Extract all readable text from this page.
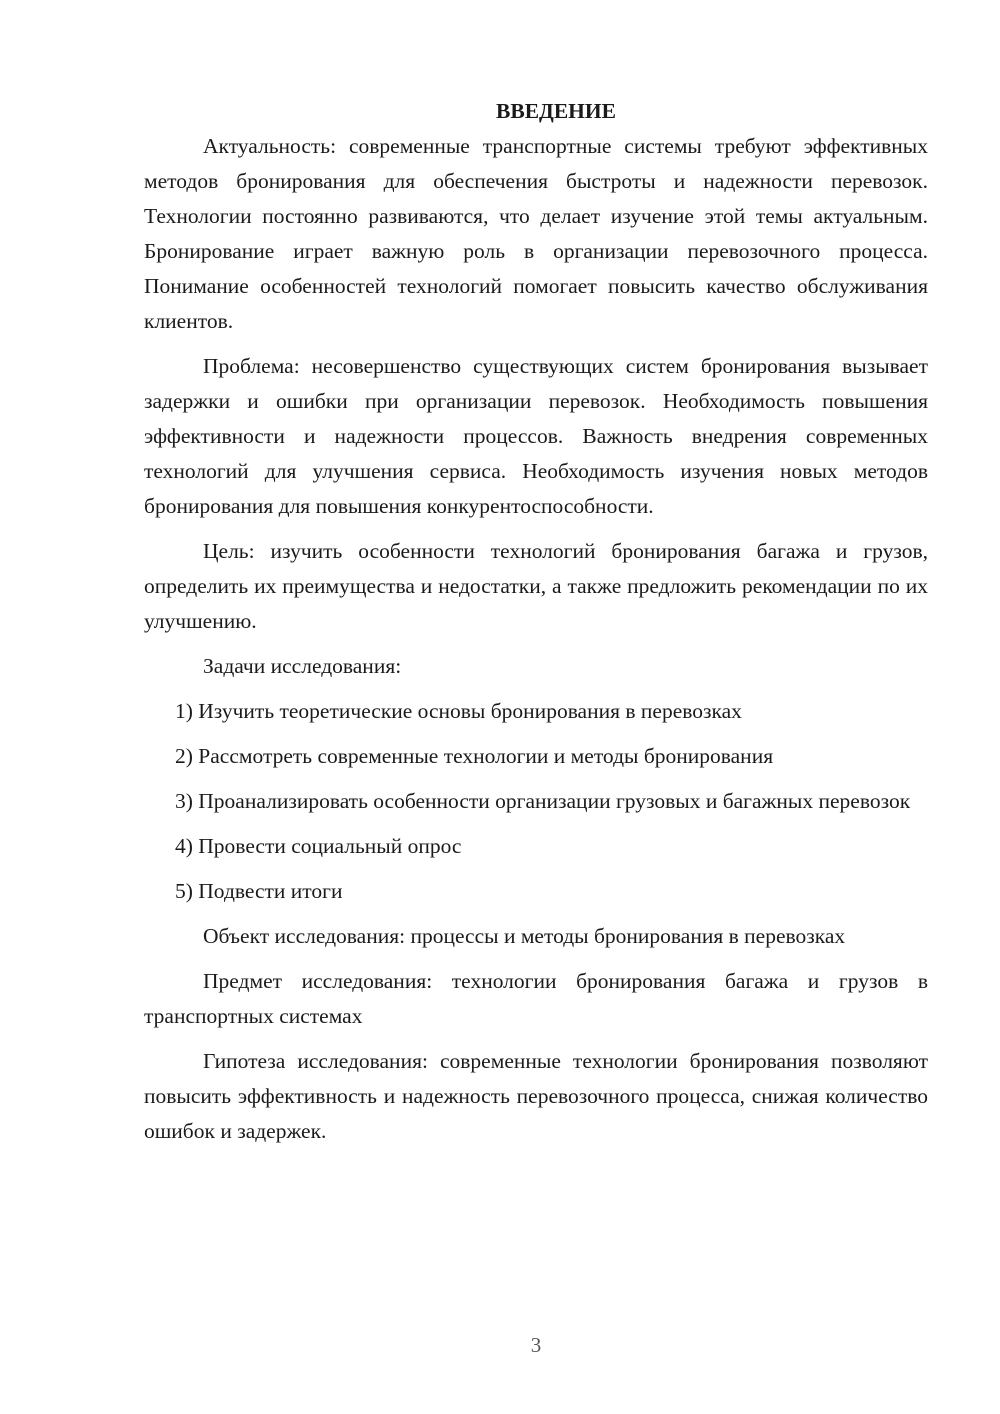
ВВЕДЕНИЕ

Актуальность: современные транспортные системы требуют эффективных методов бронирования для обеспечения быстроты и надежности перевозок. Технологии постоянно развиваются, что делает изучение этой темы актуальным. Бронирование играет важную роль в организации перевозочного процесса. Понимание особенностей технологий помогает повысить качество обслуживания клиентов.

Проблема: несовершенство существующих систем бронирования вызывает задержки и ошибки при организации перевозок. Необходимость повышения эффективности и надежности процессов. Важность внедрения современных технологий для улучшения сервиса. Необходимость изучения новых методов бронирования для повышения конкурентоспособности.

Цель: изучить особенности технологий бронирования багажа и грузов, определить их преимущества и недостатки, а также предложить рекомендации по их улучшению.

Задачи исследования:

1) Изучить теоретические основы бронирования в перевозках

2) Рассмотреть современные технологии и методы бронирования

3) Проанализировать особенности организации грузовых и багажных перевозок

4) Провести социальный опрос

5) Подвести итоги

Объект исследования: процессы и методы бронирования в перевозках

Предмет исследования: технологии бронирования багажа и грузов в транспортных системах

Гипотеза исследования: современные технологии бронирования позволяют повысить эффективность и надежность перевозочного процесса, снижая количество ошибок и задержек.

3
